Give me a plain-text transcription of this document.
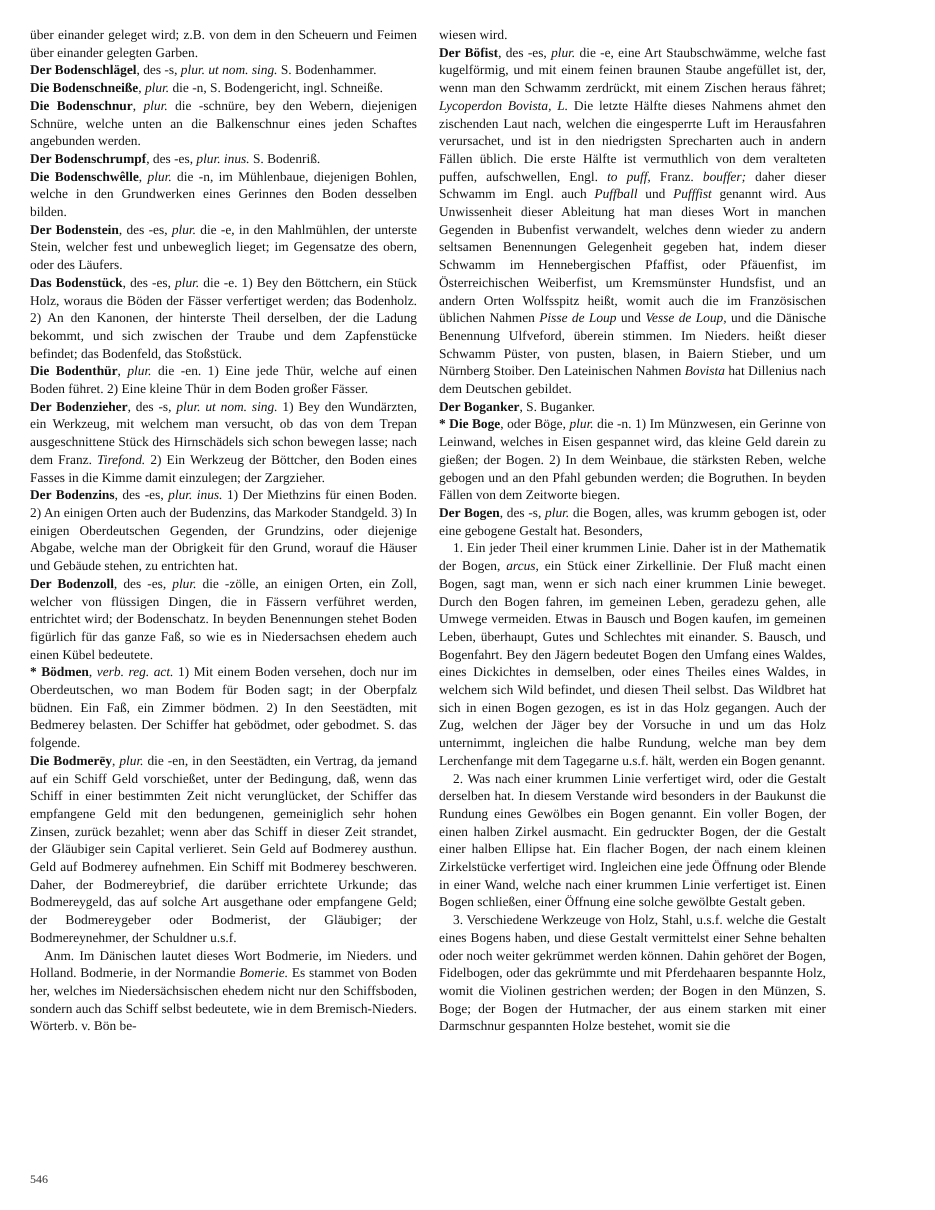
über einander geleget wird; z.B. von dem in den Scheuern und Feimen über einander gelegten Garben.

Der Bodenschlägel, des -s, plur. ut nom. sing. S. Bodenhammer.

Die Bodenschneiße, plur. die -n, S. Bodengericht, ingl. Schneiße.

Die Bodenschnur, plur. die -schnüre, bey den Webern, diejenigen Schnüre, welche unten an die Balkenschnur eines jeden Schaftes angebunden werden.

Der Bodenschrumpf, des -es, plur. inus. S. Bodenriß.

Die Bodenschwêlle, plur. die -n, im Mühlenbaue, diejenigen Bohlen, welche in den Grundwerken eines Gerinnes den Boden desselben bilden.

Der Bodenstein, des -es, plur. die -e, in den Mahlmühlen, der unterste Stein, welcher fest und unbeweglich lieget; im Gegensatze des obern, oder des Läufers.

Das Bodenstück, des -es, plur. die -e. 1) Bey den Böttchern, ein Stück Holz, woraus die Böden der Fässer verfertiget werden; das Bodenholz. 2) An den Kanonen, der hinterste Theil derselben, der die Ladung bekommt, und sich zwischen der Traube und dem Zapfenstücke befindet; das Bodenfeld, das Stoßstück.

Die Bodenthür, plur. die -en. 1) Eine jede Thür, welche auf einen Boden führet. 2) Eine kleine Thür in dem Boden großer Fässer.

Der Bodenzieher, des -s, plur. ut nom. sing. 1) Bey den Wundärzten, ein Werkzeug, mit welchem man versucht, ob das von dem Trepan ausgeschnittene Stück des Hirnschädels sich schon bewegen lasse; nach dem Franz. Tirefond. 2) Ein Werkzeug der Böttcher, den Boden eines Fasses in die Kimme damit einzulegen; der Zargzieher.

Der Bodenzins, des -es, plur. inus. 1) Der Miethzins für einen Boden. 2) An einigen Orten auch der Budenzins, das Markoder Standgeld. 3) In einigen Oberdeutschen Gegenden, der Grundzins, oder diejenige Abgabe, welche man der Obrigkeit für den Grund, worauf die Häuser und Gebäude stehen, zu entrichten hat.

Der Bodenzoll, des -es, plur. die -zölle, an einigen Orten, ein Zoll, welcher von flüssigen Dingen, die in Fässern verführet werden, entrichtet wird; der Bodenschatz. In beyden Benennungen stehet Boden figürlich für das ganze Faß, so wie es in Niedersachsen ehedem auch einen Kübel bedeutete.

* Bödmen, verb. reg. act. 1) Mit einem Boden versehen, doch nur im Oberdeutschen, wo man Bodem für Boden sagt; in der Oberpfalz büdnen. Ein Faß, ein Zimmer bödmen. 2) In den Seestädten, mit Bedmerey belasten. Der Schiffer hat gebödmet, oder gebodmet. S. das folgende.

Die Bodmerēy, plur. die -en, in den Seestädten, ein Vertrag, da jemand auf ein Schiff Geld vorschießet, unter der Bedingung, daß, wenn das Schiff in einer bestimmten Zeit nicht verunglücket, der Schiffer das empfangene Geld mit den bedungenen, gemeiniglich sehr hohen Zinsen, zurück bezahlet; wenn aber das Schiff in dieser Zeit strandet, der Gläubiger sein Capital verlieret. Sein Geld auf Bodmerey austhun. Geld auf Bodmerey aufnehmen. Ein Schiff mit Bodmerey beschweren. Daher, der Bodmereybrief, die darüber errichtete Urkunde; das Bodmereygeld, das auf solche Art ausgethane oder empfangene Geld; der Bodmereygeber oder Bodmerist, der Gläubiger; der Bodmereynehmer, der Schuldner u.s.f.

Anm. Im Dänischen lautet dieses Wort Bodmerie, im Nieders. und Holland. Bodmerie, in der Normandie Bomerie. Es stammet von Boden her, welches im Niedersächsischen ehedem nicht nur den Schiffsboden, sondern auch das Schiff selbst bedeutete, wie in dem Bremisch-Nieders. Wörterb. v. Bön be-

wiesen wird.

Der Böfist, des -es, plur. die -e, eine Art Staubschwämme, welche fast kugelförmig, und mit einem feinen braunen Staube angefüllet ist, der, wenn man den Schwamm zerdrückt, mit einem Zischen heraus fähret; Lycoperdon Bovista, L. Die letzte Hälfte dieses Nahmens ahmet den zischenden Laut nach, welchen die eingesperrte Luft im Herausfahren verursachet, und ist in den niedrigsten Sprecharten auch in andern Fällen üblich. Die erste Hälfte ist vermuthlich von dem veralteten puffen, aufschwellen, Engl. to puff, Franz. bouffer; daher dieser Schwamm im Engl. auch Puffball und Pufffist genannt wird. Aus Unwissenheit dieser Ableitung hat man dieses Wort in manchen Gegenden in Bubenfist verwandelt, welches denn wieder zu andern seltsamen Benennungen Gelegenheit gegeben hat, indem dieser Schwamm im Hennebergischen Pfaffist, oder Pfäuenfist, im Österreichischen Weiberfist, um Kremsmünster Hundsfist, und an andern Orten Wolfsspitz heißt, womit auch die im Französischen üblichen Nahmen Pisse de Loup und Vesse de Loup, und die Dänische Benennung Ulfveford, überein stimmen. Im Nieders. heißt dieser Schwamm Püster, von pusten, blasen, in Baiern Stieber, und um Nürnberg Stoiber. Den Lateinischen Nahmen Bovista hat Dillenius nach dem Deutschen gebildet.

Der Boganker, S. Buganker.

* Die Boge, oder Böge, plur. die -n. 1) Im Münzwesen, ein Gerinne von Leinwand, welches in Eisen gespannet wird, das kleine Geld darein zu gießen; der Bogen. 2) In dem Weinbaue, die stärksten Reben, welche gebogen und an den Pfahl gebunden werden; die Bogruthen. In beyden Fällen von dem Zeitworte biegen.

Der Bogen, des -s, plur. die Bogen, alles, was krumm gebogen ist, oder eine gebogene Gestalt hat. Besonders,

1. Ein jeder Theil einer krummen Linie. Daher ist in der Mathematik der Bogen, arcus, ein Stück einer Zirkellinie. Der Fluß macht einen Bogen, sagt man, wenn er sich nach einer krummen Linie beweget. Durch den Bogen fahren, im gemeinen Leben, geradezu gehen, alle Umwege vermeiden. Etwas in Bausch und Bogen kaufen, im gemeinen Leben, überhaupt, Gutes und Schlechtes mit einander. S. Bausch, und Bogenfahrt. Bey den Jägern bedeutet Bogen den Umfang eines Waldes, eines Dickichtes in demselben, oder eines Theiles eines Waldes, in welchem sich Wild befindet, und diesen Theil selbst. Das Wildbret hat sich in einen Bogen gezogen, es ist in das Holz gegangen. Auch der Zug, welchen der Jäger bey der Vorsuche in und um das Holz unternimmt, ingleichen die halbe Rundung, welche man bey dem Lerchenfange mit dem Tagegarne u.s.f. hält, werden ein Bogen genannt.

2. Was nach einer krummen Linie verfertiget wird, oder die Gestalt derselben hat. In diesem Verstande wird besonders in der Baukunst die Rundung eines Gewölbes ein Bogen genannt. Ein voller Bogen, der einen halben Zirkel ausmacht. Ein gedruckter Bogen, der die Gestalt einer halben Ellipse hat. Ein flacher Bogen, der nach einem kleinen Zirkelstücke verfertiget wird. Ingleichen eine jede Öffnung oder Blende in einer Wand, welche nach einer krummen Linie verfertiget ist. Einen Bogen schließen, einer Öffnung eine solche gewölbte Gestalt geben.

3. Verschiedene Werkzeuge von Holz, Stahl, u.s.f. welche die Gestalt eines Bogens haben, und diese Gestalt vermittelst einer Sehne behalten oder noch weiter gekrümmet werden können. Dahin gehöret der Bogen, Fidelbogen, oder das gekrümmte und mit Pferdehaaren bespannte Holz, womit die Violinen gestrichen werden; der Bogen in den Münzen, S. Boge; der Bogen der Hutmacher, der aus einem starken mit einer Darmschnur gespannten Holze bestehet, womit sie die

546
